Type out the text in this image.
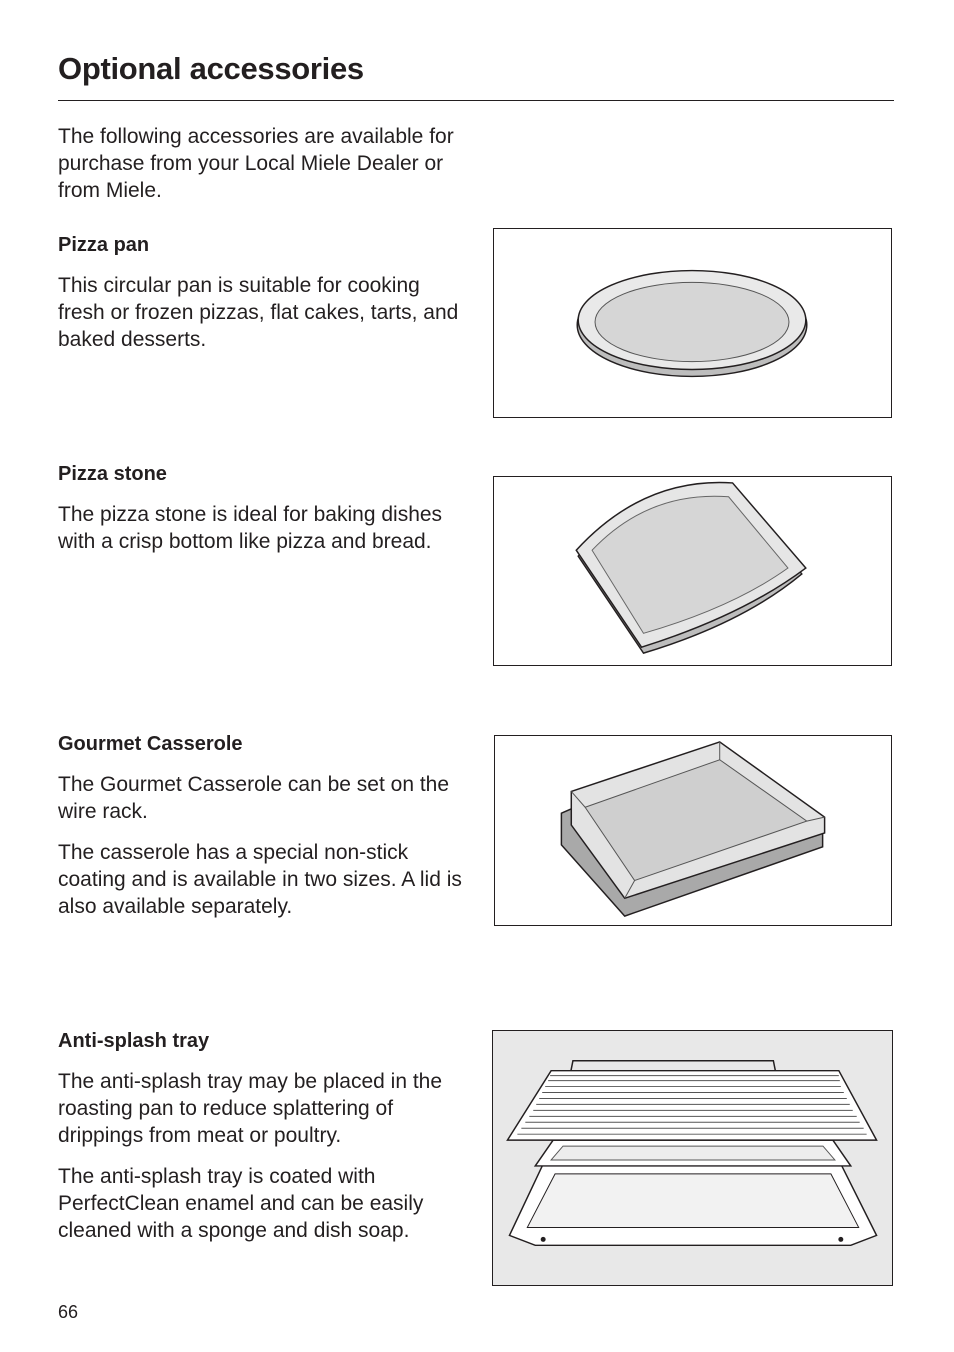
Optional accessories

The following accessories are available for purchase from your Local Miele Dealer or from Miele.

Pizza pan

This circular pan is suitable for cooking fresh or frozen pizzas, flat cakes, tarts, and baked desserts.

Pizza stone

The pizza stone is ideal for baking dishes with a crisp bottom like pizza and bread.

Gourmet Casserole

The Gourmet Casserole can be set on the wire rack.

The casserole has a special non-stick coating and is available in two sizes. A lid is also available separately.

Anti-splash tray

The anti-splash tray may be placed in the roasting pan to reduce splattering of drippings from meat or poultry.

The anti-splash tray is coated with PerfectClean enamel and can be easily cleaned with a sponge and dish soap.

66
